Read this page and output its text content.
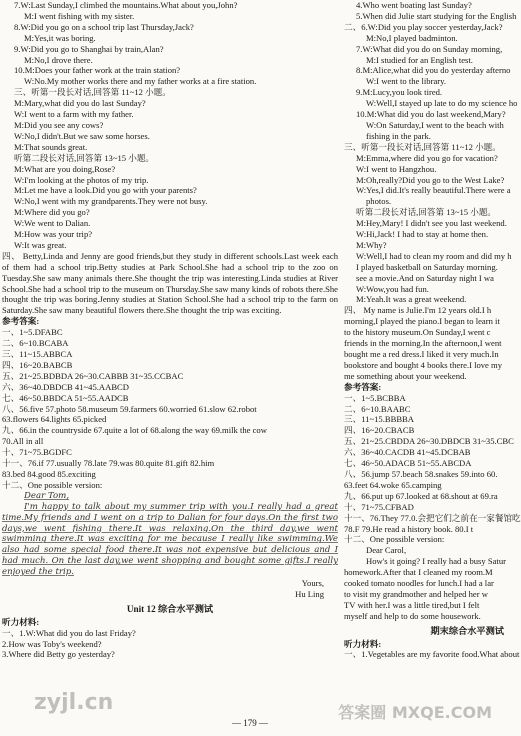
7.W:Last Sunday,I climbed the mountains.What about you,John?
M:I went fishing with my sister.
8.W:Did you go on a school trip last Thursday,Jack?
M:Yes,it was boring.
9.W:Did you go to Shanghai by train,Alan?
M:No,I drove there.
10.M:Does your father work at the train station?
W:No.My mother works there and my father works at a fire station.
三、听第一段长对话,回答第 11~12 小题。
M:Mary,what did you do last Sunday?
W:I went to a farm with my father.
M:Did you see any cows?
W:No,I didn't.But we saw some horses.
M:That sounds great.
听第二段长对话,回答第 13~15 小题。
M:What are you doing,Rose?
W:I'm looking at the photos of my trip.
M:Let me have a look.Did you go with your parents?
W:No,I went with my grandparents.They were not busy.
M:Where did you go?
W:We went to Dalian.
M:How was your trip?
W:It was great.
四、 Betty,Linda and Jenny are good friends,but they study in different schools.Last week each of them had a school trip.Betty studies at Park School.She had a school trip to the zoo on Tuesday.She saw many animals there.She thought the trip was interesting.Linda studies at River School.She had a school trip to the museum on Thursday.She saw many kinds of robots there.She thought the trip was boring.Jenny studies at Station School.She had a school trip to the farm on Saturday.She saw many beautiful flowers there.She thought the trip was exciting.
参考答案:
一、1~5.DFABC
二、6~10.BCABA
三、11~15.ABBCA
四、16~20.BABCB
五、21~25.BDBDA 26~30.CABBB 31~35.CCBAC
六、36~40.DBDCB 41~45.AABCD
七、46~50.BBDCA 51~55.AADCB
八、56.five 57.photo 58.museum 59.farmers 60.worried 61.slow 62.robot
63.flowers 64.lights 65.picked
九、66.in the countryside 67.quite a lot of 68.along the way 69.milk the cow
70.All in all
十、71~75.BGDFC
十一、76.if 77.usually 78.late 79.was 80.quite 81.gift 82.him
83.bed 84.good 85.exciting
十二、One possible version:
Dear Tom,
I'm happy to talk about my summer trip with you.I really had a great time.My friends and I went on a trip to Dalian for four days.On the first two days,we went fishing there.It was relaxing.On the third day,we went swimming there.It was exciting for me because I really like swimming.We also had some special food there.It was not expensive but delicious and I had much. On the last day,we went shopping and bought some gifts.I really enjoyed the trip.
Yours,
Hu Ling
Unit 12 综合水平测试
听力材料:
一、1.W:What did you do last Friday?
2.How was Toby's weekend?
3.Where did Betty go yesterday?
4.Who went boating last Sunday?
5.When did Julie start studying for the English
二、6.W:Did you play soccer yesterday,Jack?
M:No,I played badminton.
7.W:What did you do on Sunday morning,
M:I studied for an English test.
8.M:Alice,what did you do yesterday afterno
W:I went to the library.
9.M:Lucy,you look tired.
W:Well,I stayed up late to do my science ho
10.M:What did you do last weekend,Mary?
W:On Saturday,I went to the beach with
fishing in the park.
三、听第一段长对话,回答第 11~12 小题。
M:Emma,where did you go for vacation?
W:I went to Hangzhou.
M:Oh,really?Did you go to the West Lake?
W:Yes,I did.It's really beautiful.There were a
photos.
听第二段长对话,回答第 13~15 小题。
M:Hey,Mary! I didn't see you last weekend.
W:Hi,Jack! I had to stay at home then.
M:Why?
W:Well,I had to clean my room and did my h
I played basketball on Saturday morning.
see a movie.And on Saturday night I wa
W:Wow,you had fun.
M:Yeah.It was a great weekend.
四、 My name is Julie.I'm 12 years old.I h
morning,I played the piano.I began to learn it
to the history museum.On Sunday,I went c
friends in the morning.In the afternoon,I went
bought me a red dress.I liked it very much.In
bookstore and bought 4 books there.I love my
me something about your weekend.
参考答案:
一、1~5.BCBBA
二、6~10.BAABC
三、11~15.BBBBA
四、16~20.CBACB
五、21~25.CBDDA 26~30.DBDCB 31~35.CBC
六、36~40.CACDB 41~45.DCBAB
七、46~50.ADACB 51~55.ABCDA
八、56.jump 57.beach 58.snakes 59.into 60.
63.feet 64.woke 65.camping
九、66.put up 67.looked at 68.shout at 69.ra
十、71~75.CFBAD
十一、76.They 77.0.会把它们之前在一家餐馆吃
78.F 79.He read a history book. 80.I t
十二、One possible version:
Dear Carol,
How's it going? I really had a busy Satur
homework.After that I cleaned my room.M
cooked tomato noodles for lunch.I had a lar
to visit my grandmother and helped her w
TV with her.I was a little tired,but I felt
myself and help to do some housework.
期末综合水平测试
听力材料:
一、1.Vegetables are my favorite food.What about
— 179 —
zyjl.cn	答案圈 MXQE.COM
